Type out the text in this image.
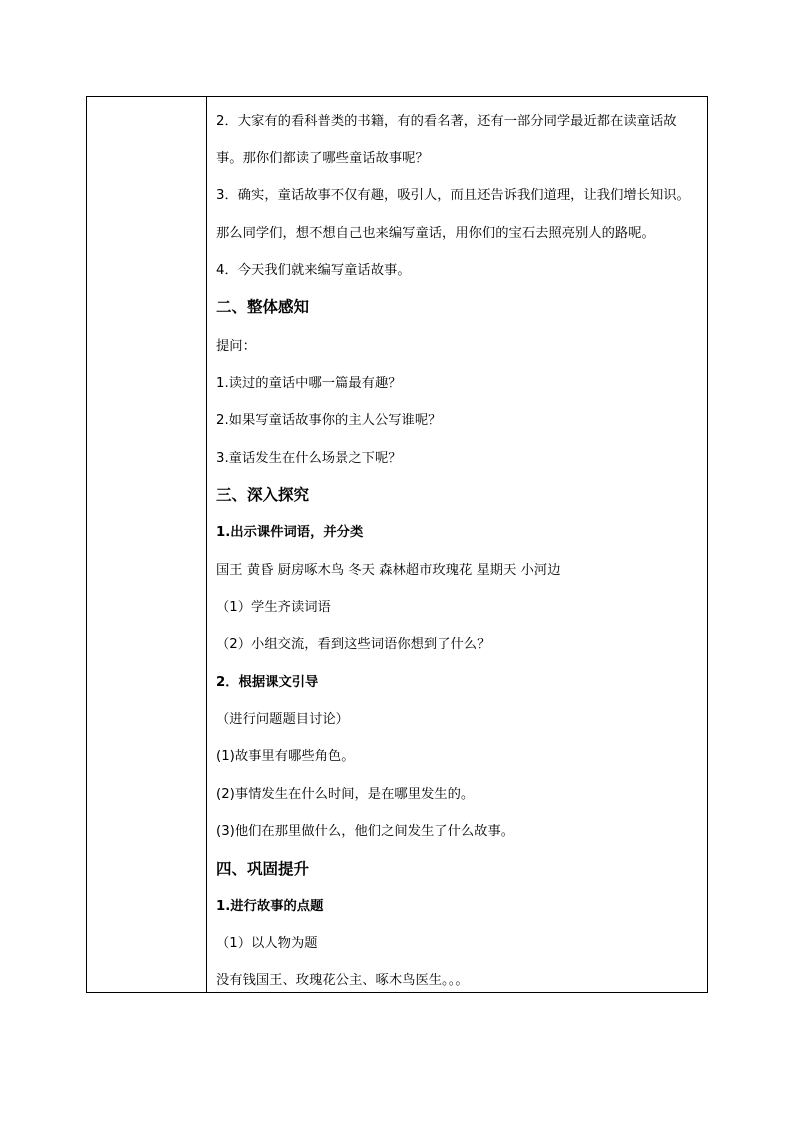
2．大家有的看科普类的书籍，有的看名著，还有一部分同学最近都在读童话故
事。那你们都读了哪些童话故事呢？
3．确实，童话故事不仅有趣，吸引人，而且还告诉我们道理，让我们增长知识。
那么同学们，想不想自己也来编写童话，用你们的宝石去照亮别人的路呢。
4．今天我们就来编写童话故事。
二、整体感知
提问：
1.读过的童话中哪一篇最有趣？
2.如果写童话故事你的主人公写谁呢？
3.童话发生在什么场景之下呢？
三、深入探究
1.出示课件词语，并分类
国王 黄昏 厨房啄木鸟 冬天 森林超市玫瑰花 星期天 小河边
（1）学生齐读词语
（2）小组交流，看到这些词语你想到了什么？
2．根据课文引导
（进行问题题目讨论）
(1)故事里有哪些角色。
(2)事情发生在什么时间，是在哪里发生的。
(3)他们在那里做什么，他们之间发生了什么故事。
四、巩固提升
1.进行故事的点题
（1）以人物为题
没有钱国王、玫瑰花公主、啄木鸟医生。。。
